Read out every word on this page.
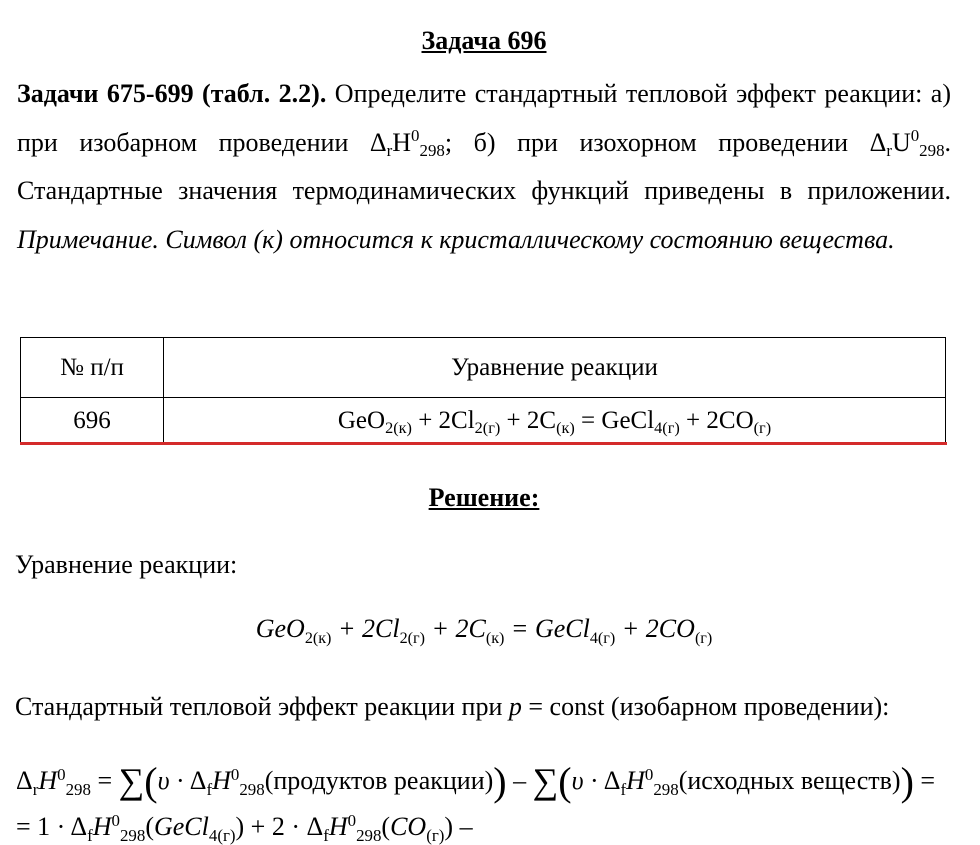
Задача 696
Задачи 675-699 (табл. 2.2). Определите стандартный тепловой эффект реакции: а) при изобарном проведении $\Delta_rH^0_{298}$; б) при изохорном проведении $\Delta_rU^0_{298}$. Стандартные значения термодинамических функций приведены в приложении. Примечание. Символ (к) относится к кристаллическому состоянию вещества.
№ п/п	Уравнение реакции
696	$GeO_{2(к)} + 2Cl_{2(г)} + 2C_{(к)}$ = GeCl$_{4(г)}$ + $2CO_{(г)}$
Решение:
Уравнение реакции:
$GeO_{2(к)} + 2Cl_{2(г)} + 2C_{(к)}$ = GeCl$_{4(г)}$ + $2CO_{(г)}$
Стандартный тепловой эффект реакции при p = const (изобарном проведении):
$\Delta_rH^0_{298} = \sum(\upsilon$ · $\Delta_fH^0_{298}(продуктов$ реакции)) – $\sum(\upsilon \cdot \Delta_fH^0_{298}(исходных$ веществ)) =
= $1 \cdot \Delta_fH^0_{298}(GeCl_{4(г)}) + 2 \cdot \Delta_fH^0_{298}(CO_{(г)})$ –
